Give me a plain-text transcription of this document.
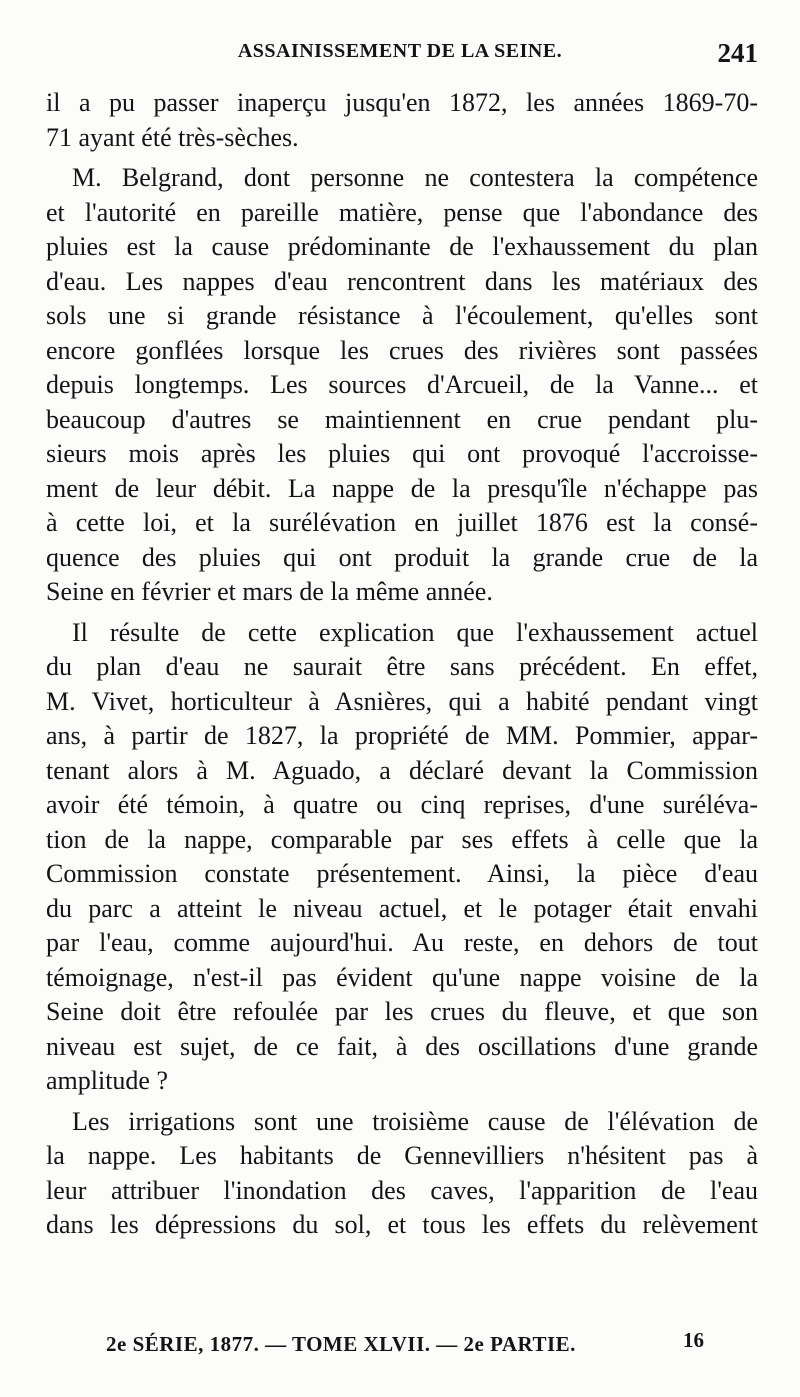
ASSAINISSEMENT DE LA SEINE.	241
il a pu passer inaperçu jusqu'en 1872, les années 1869-70-
71 ayant été très-sèches.
M. Belgrand, dont personne ne contestera la compétence
et l'autorité en pareille matière, pense que l'abondance des
pluies est la cause prédominante de l'exhaussement du plan
d'eau. Les nappes d'eau rencontrent dans les matériaux des
sols une si grande résistance à l'écoulement, qu'elles sont
encore gonflées lorsque les crues des rivières sont passées
depuis longtemps. Les sources d'Arcueil, de la Vanne... et
beaucoup d'autres se maintiennent en crue pendant plu-
sieurs mois après les pluies qui ont provoqué l'accroisse-
ment de leur débit. La nappe de la presqu'île n'échappe pas
à cette loi, et la surélévation en juillet 1876 est la consé-
quence des pluies qui ont produit la grande crue de la
Seine en février et mars de la même année.
Il résulte de cette explication que l'exhaussement actuel
du plan d'eau ne saurait être sans précédent. En effet,
M. Vivet, horticulteur à Asnières, qui a habité pendant vingt
ans, à partir de 1827, la propriété de MM. Pommier, appar-
tenant alors à M. Aguado, a déclaré devant la Commission
avoir été témoin, à quatre ou cinq reprises, d'une suréléva-
tion de la nappe, comparable par ses effets à celle que la
Commission constate présentement. Ainsi, la pièce d'eau
du parc a atteint le niveau actuel, et le potager était envahi
par l'eau, comme aujourd'hui. Au reste, en dehors de tout
témoignage, n'est-il pas évident qu'une nappe voisine de la
Seine doit être refoulée par les crues du fleuve, et que son
niveau est sujet, de ce fait, à des oscillations d'une grande
amplitude ?
Les irrigations sont une troisième cause de l'élévation de
la nappe. Les habitants de Gennevilliers n'hésitent pas à
leur attribuer l'inondation des caves, l'apparition de l'eau
dans les dépressions du sol, et tous les effets du relèvement
2e SÉRIE, 1877. — TOME XLVII. — 2e PARTIE.	16
